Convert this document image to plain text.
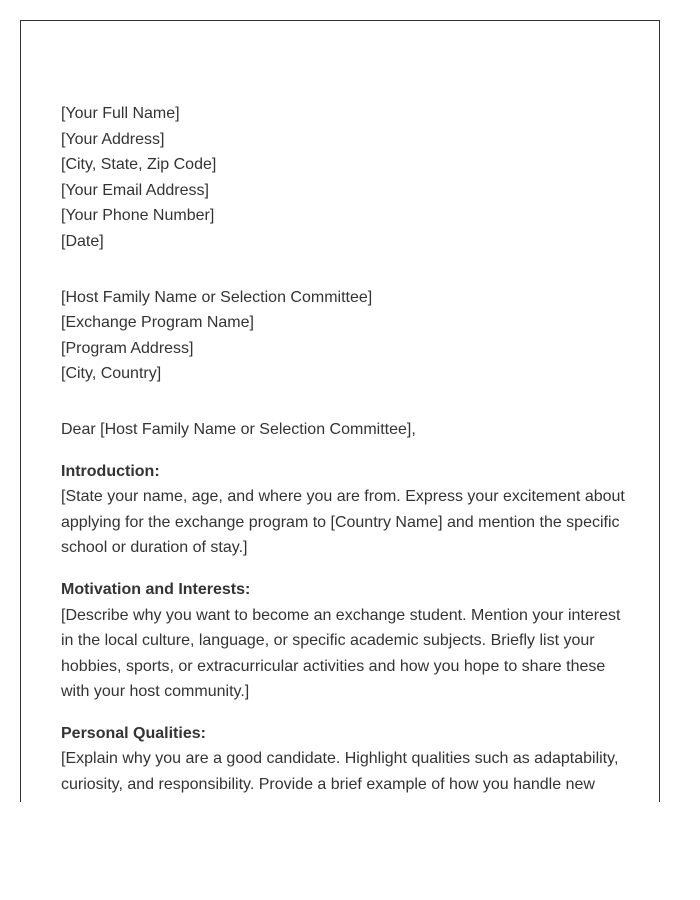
[Your Full Name]
[Your Address]
[City, State, Zip Code]
[Your Email Address]
[Your Phone Number]
[Date]
[Host Family Name or Selection Committee]
[Exchange Program Name]
[Program Address]
[City, Country]
Dear [Host Family Name or Selection Committee],
Introduction:
[State your name, age, and where you are from. Express your excitement about applying for the exchange program to [Country Name] and mention the specific school or duration of stay.]
Motivation and Interests:
[Describe why you want to become an exchange student. Mention your interest in the local culture, language, or specific academic subjects. Briefly list your hobbies, sports, or extracurricular activities and how you hope to share these with your host community.]
Personal Qualities:
[Explain why you are a good candidate. Highlight qualities such as adaptability, curiosity, and responsibility. Provide a brief example of how you handle new
